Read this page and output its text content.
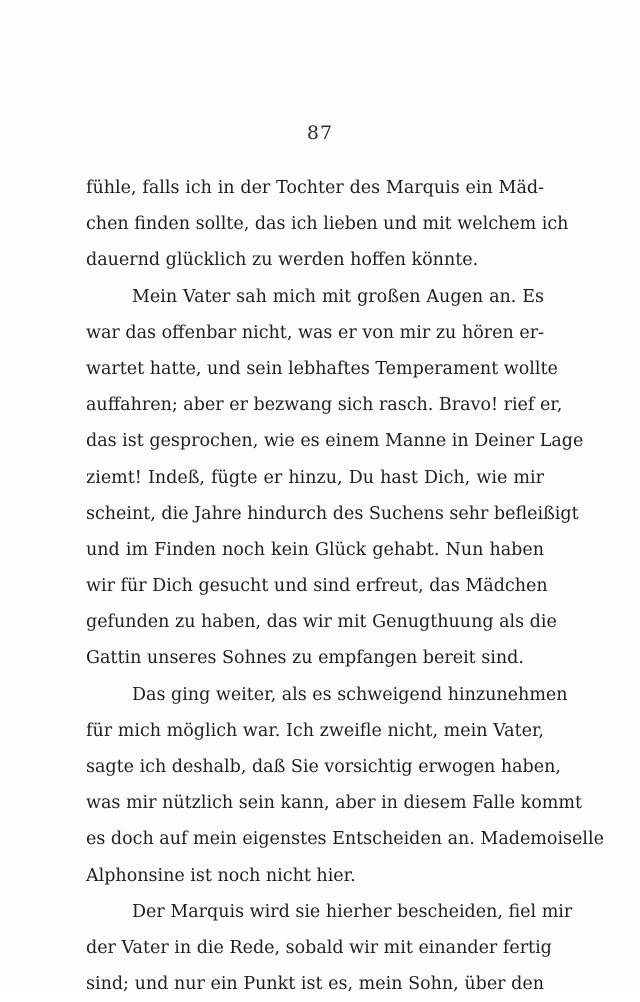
87
fühle, falls ich in der Tochter des Marquis ein Mäd-
chen finden sollte, das ich lieben und mit welchem ich
dauernd glücklich zu werden hoffen könnte.
Mein Vater sah mich mit großen Augen an. Es
war das offenbar nicht, was er von mir zu hören er-
wartet hatte, und sein lebhaftes Temperament wollte
auffahren; aber er bezwang sich rasch. Bravo! rief er,
das ist gesprochen, wie es einem Manne in Deiner Lage
ziemt! Indeß, fügte er hinzu, Du hast Dich, wie mir
scheint, die Jahre hindurch des Suchens sehr befleißigt
und im Finden noch kein Glück gehabt. Nun haben
wir für Dich gesucht und sind erfreut, das Mädchen
gefunden zu haben, das wir mit Genugthuung als die
Gattin unseres Sohnes zu empfangen bereit sind.
Das ging weiter, als es schweigend hinzunehmen
für mich möglich war. Ich zweifle nicht, mein Vater,
sagte ich deshalb, daß Sie vorsichtig erwogen haben,
was mir nützlich sein kann, aber in diesem Falle kommt
es doch auf mein eigenstes Entscheiden an. Mademoiselle
Alphonsine ist noch nicht hier.
Der Marquis wird sie hierher bescheiden, fiel mir
der Vater in die Rede, sobald wir mit einander fertig
sind; und nur ein Punkt ist es, mein Sohn, über den
